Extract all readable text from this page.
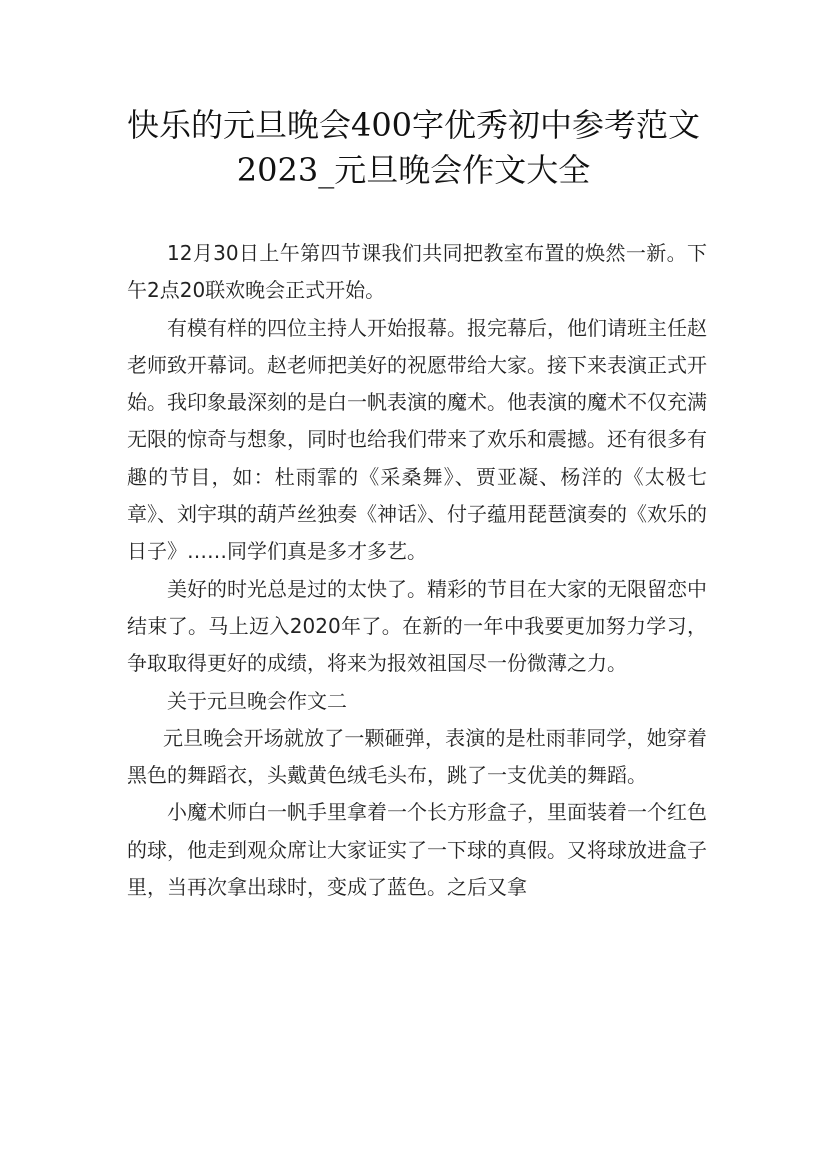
快乐的元旦晚会400字优秀初中参考范文
2023_元旦晚会作文大全

12月30日上午第四节课我们共同把教室布置的焕然一新。下午2点20联欢晚会正式开始。

有模有样的四位主持人开始报幕。报完幕后，他们请班主任赵老师致开幕词。赵老师把美好的祝愿带给大家。接下来表演正式开始。我印象最深刻的是白一帆表演的魔术。他表演的魔术不仅充满无限的惊奇与想象，同时也给我们带来了欢乐和震撼。还有很多有趣的节目，如：杜雨霏的《采桑舞》、贾亚凝、杨洋的《太极七章》、刘宇琪的葫芦丝独奏《神话》、付子蕴用琵琶演奏的《欢乐的日子》……同学们真是多才多艺。

美好的时光总是过的太快了。精彩的节目在大家的无限留恋中结束了。马上迈入2020年了。在新的一年中我要更加努力学习，争取取得更好的成绩，将来为报效祖国尽一份微薄之力。

关于元旦晚会作文二

元旦晚会开场就放了一颗砸弹，表演的是杜雨菲同学，她穿着黑色的舞蹈衣，头戴黄色绒毛头布，跳了一支优美的舞蹈。

小魔术师白一帆手里拿着一个长方形盒子，里面装着一个红色的球，他走到观众席让大家证实了一下球的真假。又将球放进盒子里，当再次拿出球时，变成了蓝色。之后又拿
